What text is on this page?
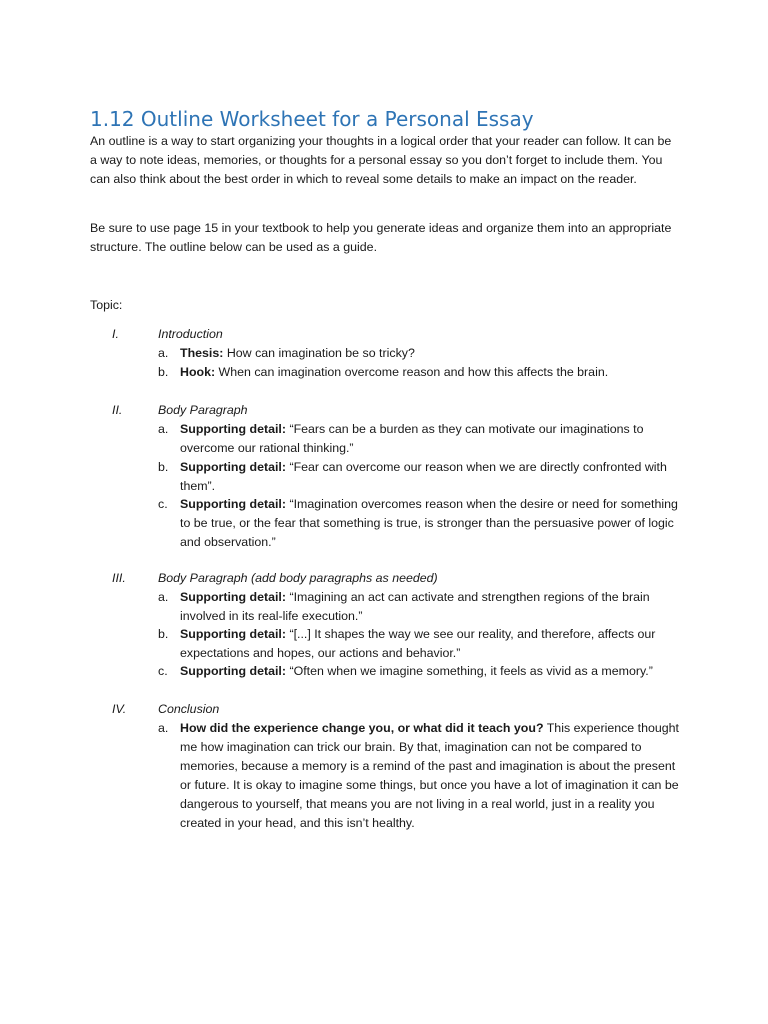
1.12 Outline Worksheet for a Personal Essay

An outline is a way to start organizing your thoughts in a logical order that your reader can follow. It can be a way to note ideas, memories, or thoughts for a personal essay so you don’t forget to include them. You can also think about the best order in which to reveal some details to make an impact on the reader.

Be sure to use page 15 in your textbook to help you generate ideas and organize them into an appropriate structure. The outline below can be used as a guide.

Topic:
I.	Introduction
a. Thesis: How can imagination be so tricky?
b. Hook: When can imagination overcome reason and how this affects the brain.
II.	Body Paragraph
a. Supporting detail: “Fears can be a burden as they can motivate our imaginations to overcome our rational thinking.”
b. Supporting detail: “Fear can overcome our reason when we are directly confronted with them”.
c. Supporting detail: “Imagination overcomes reason when the desire or need for something to be true, or the fear that something is true, is stronger than the persuasive power of logic and observation.”
III.	Body Paragraph (add body paragraphs as needed)
a. Supporting detail: “Imagining an act can activate and strengthen regions of the brain involved in its real-life execution.”
b. Supporting detail: “[...] It shapes the way we see our reality, and therefore, affects our expectations and hopes, our actions and behavior.”
c. Supporting detail: “Often when we imagine something, it feels as vivid as a memory.”
IV.	Conclusion
a. How did the experience change you, or what did it teach you? This experience thought me how imagination can trick our brain. By that, imagination can not be compared to memories, because a memory is a remind of the past and imagination is about the present or future. It is okay to imagine some things, but once you have a lot of imagination it can be dangerous to yourself, that means you are not living in a real world, just in a reality you created in your head, and this isn’t healthy.
